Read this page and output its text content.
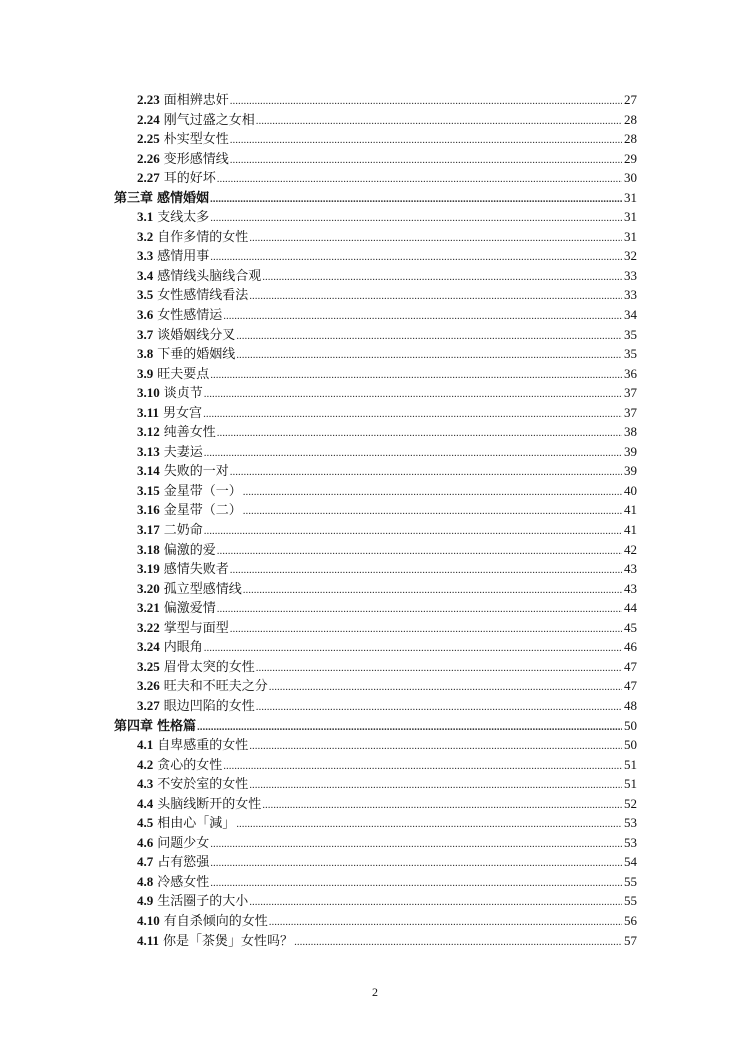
2.23 面相辨忠奸 .....	27
2.24 刚气过盛之女相 .....	28
2.25 朴实型女性 .....	28
2.26 变形感情线 .....	29
2.27 耳的好坏 .....	30
第三章 感情婚姻 .....	31
3.1 支线太多 .....	31
3.2 自作多情的女性 .....	31
3.3 感情用事 .....	32
3.4 感情线头脑线合观 .....	33
3.5 女性感情线看法 .....	33
3.6 女性感情运 .....	34
3.7 谈婚姻线分叉 .....	35
3.8 下垂的婚姻线 .....	35
3.9 旺夫要点 .....	36
3.10 谈贞节 .....	37
3.11 男女宫 .....	37
3.12 纯善女性 .....	38
3.13 夫妻运 .....	39
3.14 失败的一对 .....	39
3.15 金星带（一） .....	40
3.16 金星带（二） .....	41
3.17 二奶命 .....	41
3.18 偏激的爱 .....	42
3.19 感情失败者 .....	43
3.20 孤立型感情线 .....	43
3.21 偏激爱情 .....	44
3.22 掌型与面型 .....	45
3.24 内眼角 .....	46
3.25 眉骨太突的女性 .....	47
3.26 旺夫和不旺夫之分 .....	47
3.27 眼边凹陷的女性 .....	48
第四章 性格篇 .....	50
4.1 自卑感重的女性 .....	50
4.2 贪心的女性 .....	51
4.3 不安於室的女性 .....	51
4.4 头脑线断开的女性 .....	52
4.5 相由心「減」 .....	53
4.6 问题少女 .....	53
4.7 占有慾强 .....	54
4.8 冷感女性 .....	55
4.9 生活圈子的大小 .....	55
4.10 有自杀倾向的女性 .....	56
4.11 你是「茶煲」女性吗？ .....	57
2
